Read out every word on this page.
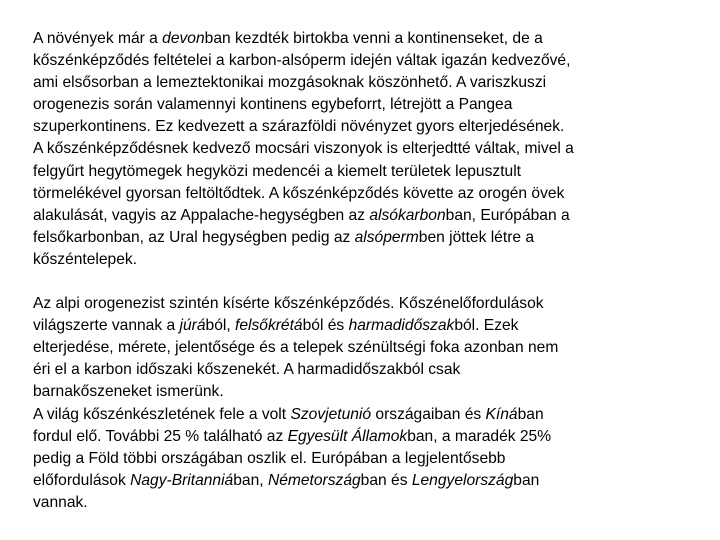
A növények már a devonban kezdték birtokba venni a kontinenseket, de a
kőszénképződés feltételei a karbon-alsóperm idején váltak igazán kedvezővé,
ami elsősorban a lemeztektonikai mozgásoknak köszönhető. A variszkuszi
orogenezis során valamennyi kontinens egybeforrt, létrejött a Pangea
szuperkontinens. Ez kedvezett a szárazföldi növényzet gyors elterjedésének.
A kőszénképződésnek kedvező mocsári viszonyok is elterjedtté váltak, mivel a
felgyűrt hegytömegek hegyközi medencéi a kiemelt területek lepusztult
törmelékével gyorsan feltöltődtek. A kőszénképződés követte az orogén övek
alakulását, vagyis az Appalache-hegységben az alsókarbonban, Európában a
felsőkarbonban, az Ural hegységben pedig az alsópermben jöttek létre a
kőszéntelepek.

Az alpi orogenezist szintén kísérte kőszénképződés. Kőszénelőfordulások
világszerte vannak a júrából, felsőkrétából és harmadidőszakból. Ezek
elterjedése, mérete, jelentősége és a telepek szénültségi foka azonban nem
éri el a karbon időszaki kőszenekét. A harmadidőszakból csak
barnakőszeneket ismerünk.
A világ kőszénkészletének fele a volt Szovjetunió országaiban és Kínában
fordul elő. További 25 % található az Egyesült Államokban, a maradék 25%
pedig a Föld többi országában oszlik el. Európában a legjelentősebb
előfordulások Nagy-Britanniában, Németországban és Lengyelországban
vannak.
